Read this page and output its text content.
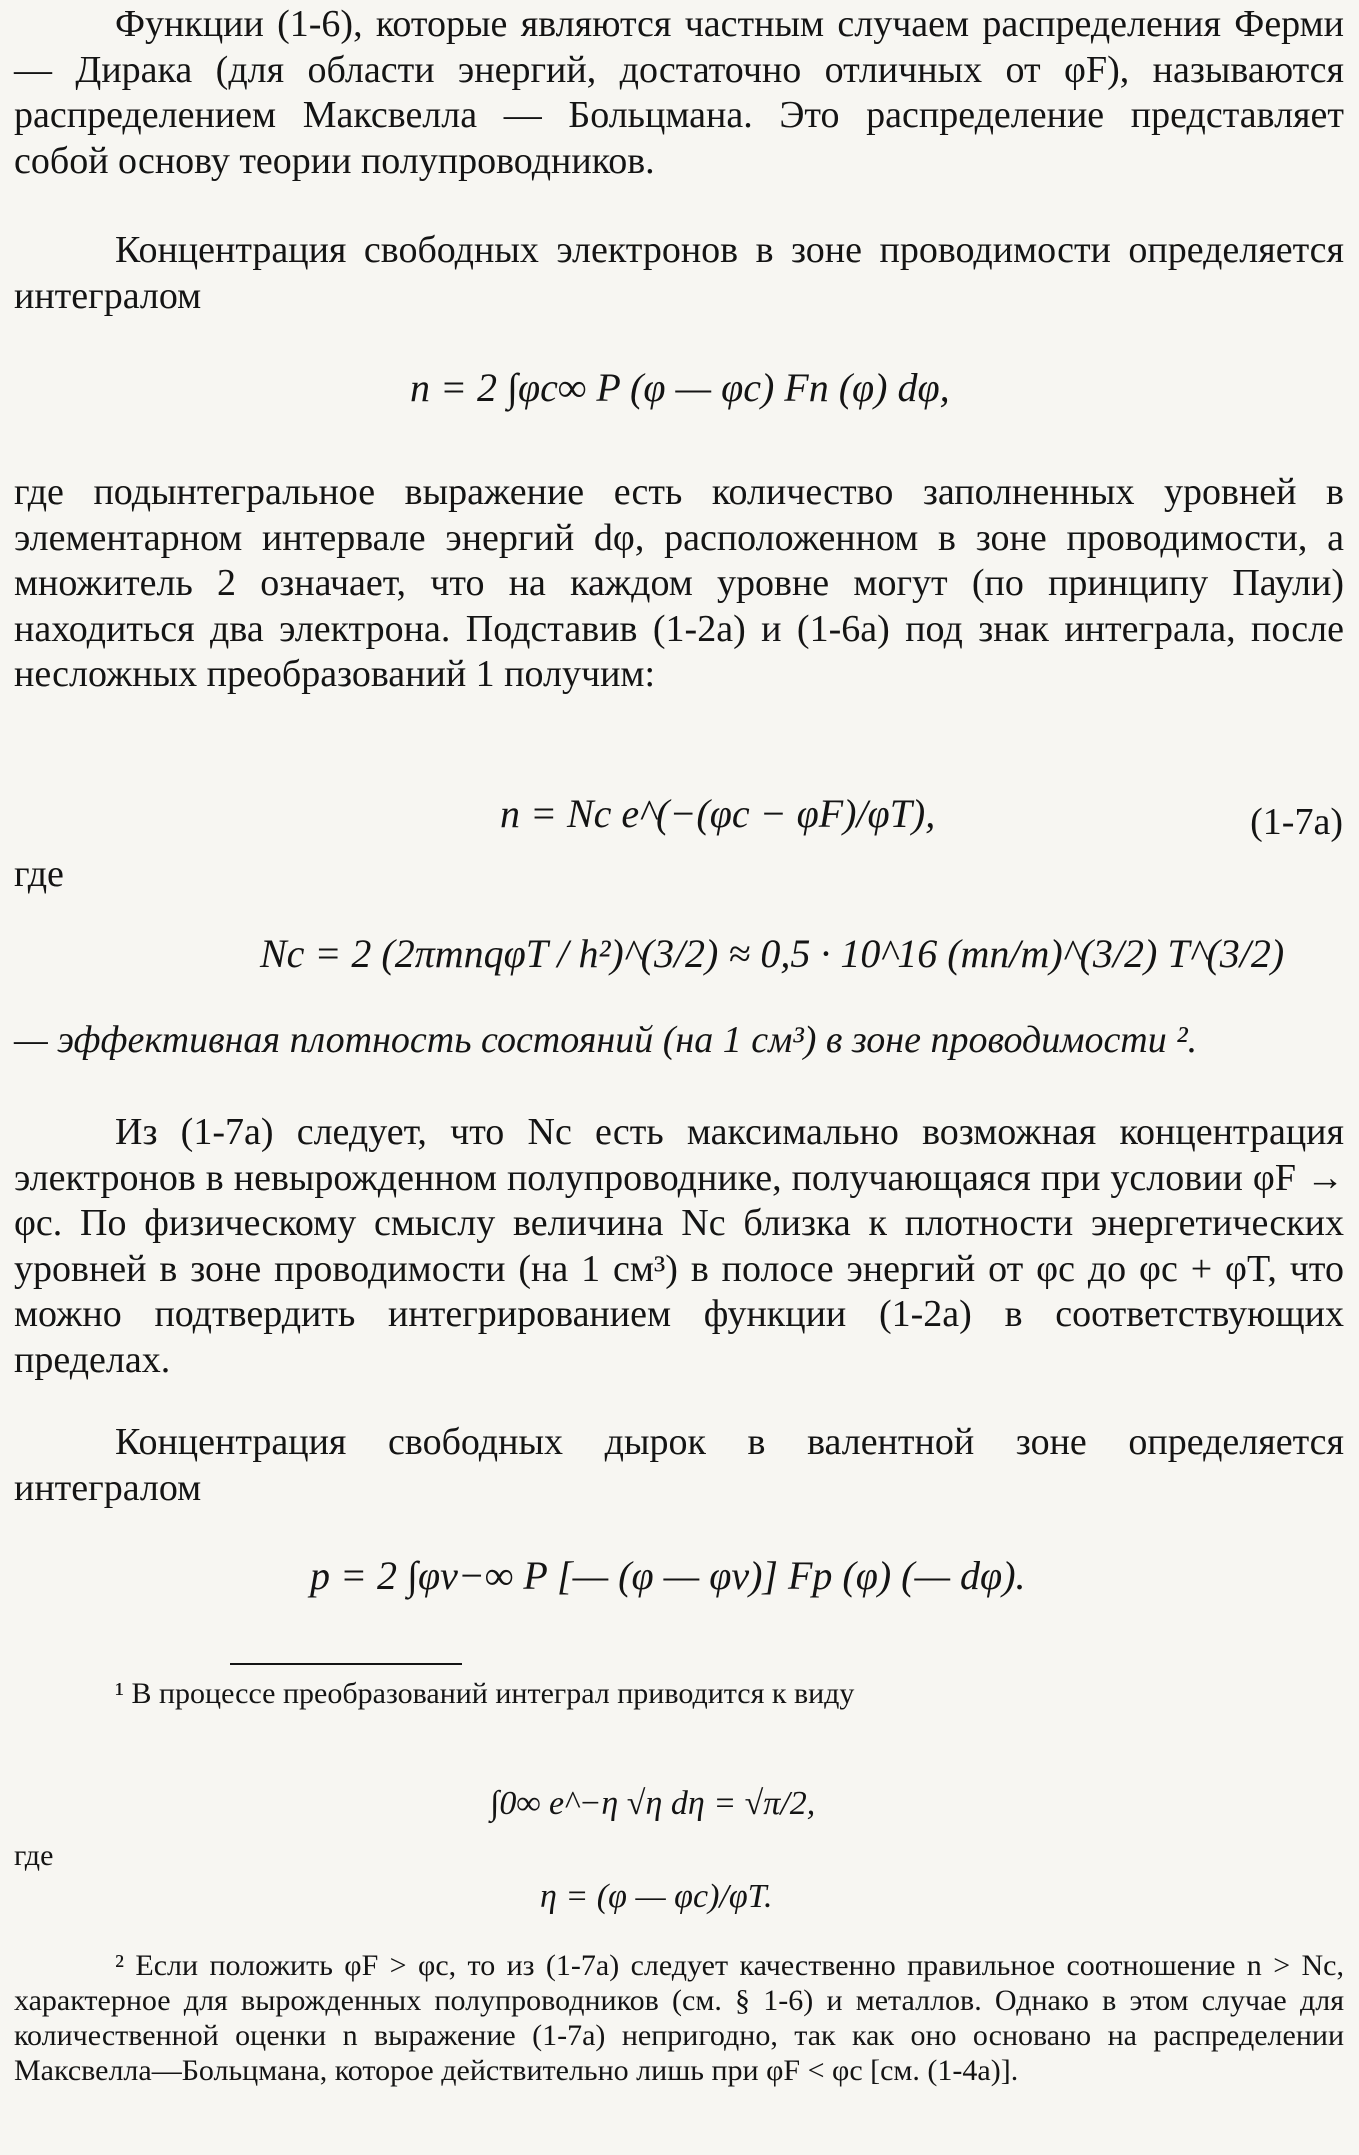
Функции (1-6), которые являются частным случаем распределения Ферми — Дирака (для области энергий, достаточно отличных от φF), называются распределением Максвелла — Больцмана. Это распределение представляет собой основу теории полупроводников.

Концентрация свободных электронов в зоне проводимости определяется интегралом

n = 2 ∫φc∞ P (φ — φc) Fn (φ) dφ,

где подынтегральное выражение есть количество заполненных уровней в элементарном интервале энергий dφ, расположенном в зоне проводимости, а множитель 2 означает, что на каждом уровне могут (по принципу Паули) находиться два электрона. Подставив (1-2а) и (1-6а) под знак интеграла, после несложных преобразований 1 получим:

n = Nc e^(−(φc − φF)/φT),	(1-7а)
где
Nc = 2 (2πmnqφT / h²)^(3/2) ≈ 0,5 · 10^16 (mn/m)^(3/2) T^(3/2)

— эффективная плотность состояний (на 1 см³) в зоне проводимости ².

Из (1-7а) следует, что Nc есть максимально возможная концентрация электронов в невырожденном полупроводнике, получающаяся при условии φF → φc. По физическому смыслу величина Nc близка к плотности энергетических уровней в зоне проводимости (на 1 см³) в полосе энергий от φc до φc + φT, что можно подтвердить интегрированием функции (1-2а) в соответствующих пределах.

Концентрация свободных дырок в валентной зоне определяется интегралом

p = 2 ∫φv−∞ P [— (φ — φv)] Fp (φ) (— dφ).

¹ В процессе преобразований интеграл приводится к виду

∫0∞ e^−η √η dη = √π/2,
где
η = (φ — φc)/φT.

² Если положить φF > φc, то из (1-7а) следует качественно правильное соотношение n > Nc, характерное для вырожденных полупроводников (см. § 1-6) и металлов. Однако в этом случае для количественной оценки n выражение (1-7а) непригодно, так как оно основано на распределении Максвелла—Больцмана, которое действительно лишь при φF < φc [см. (1-4а)].
